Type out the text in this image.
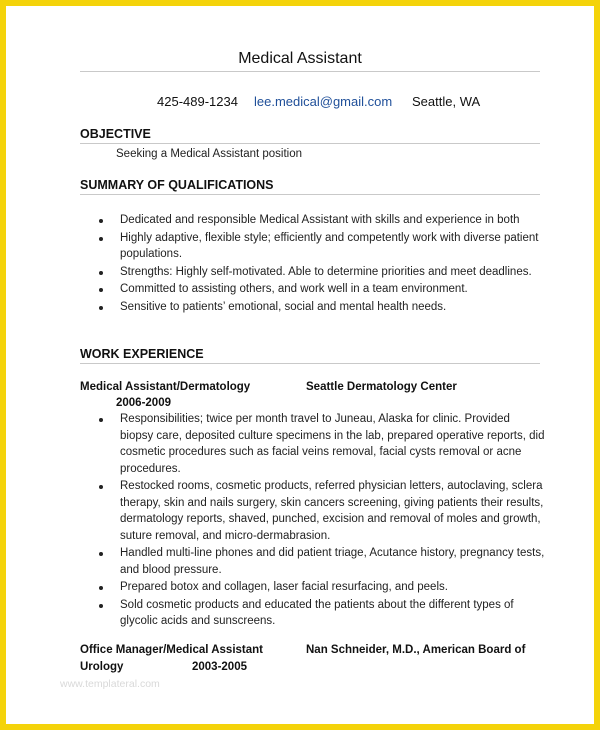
Medical Assistant
425-489-1234 lee.medical@gmail.com Seattle, WA
OBJECTIVE
Seeking a Medical Assistant position
SUMMARY OF QUALIFICATIONS
Dedicated and responsible Medical Assistant with skills and experience in both
Highly adaptive, flexible style; efficiently and competently work with diverse patient populations.
Strengths: Highly self-motivated. Able to determine priorities and meet deadlines.
Committed to assisting others, and work well in a team environment.
Sensitive to patients’ emotional, social and mental health needs.
WORK EXPERIENCE
Medical Assistant/Dermatology	Seattle Dermatology Center
2006-2009
Responsibilities; twice per month travel to Juneau, Alaska for clinic. Provided biopsy care, deposited culture specimens in the lab, prepared operative reports, did cosmetic procedures such as facial veins removal, facial cysts removal or acne procedures.
Restocked rooms, cosmetic products, referred physician letters, autoclaving, sclera therapy, skin and nails surgery, skin cancers screening, giving patients their results, dermatology reports, shaved, punched, excision and removal of moles and growth, suture removal, and micro-dermabrasion.
Handled multi-line phones and did patient triage, Acutance history, pregnancy tests, and blood pressure.
Prepared botox and collagen, laser facial resurfacing, and peels.
Sold cosmetic products and educated the patients about the different types of glycolic acids and sunscreens.
Office Manager/Medical Assistant	Nan Schneider, M.D., American Board of
Urology	2003-2005
www.templateral.com
